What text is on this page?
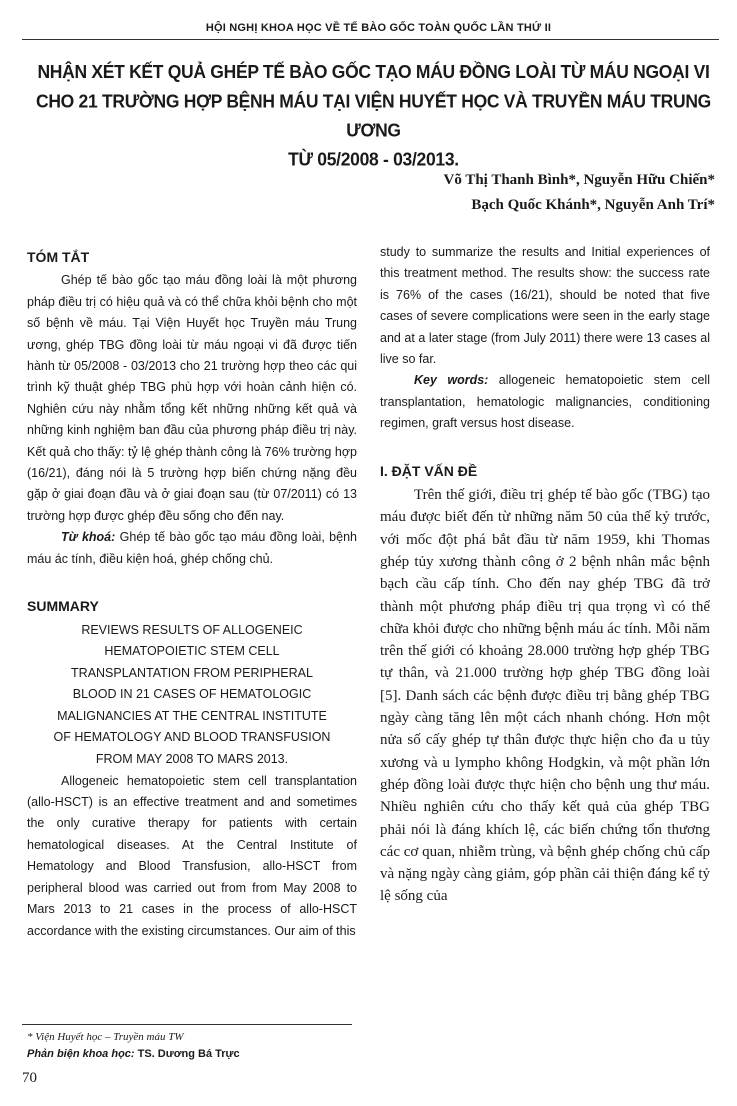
HỘI NGHỊ KHOA HỌC VỀ TẾ BÀO GỐC TOÀN QUỐC LẦN THỨ II
NHẬN XÉT KẾT QUẢ GHÉP TẾ BÀO GỐC TẠO MÁU ĐỒNG LOÀI TỪ MÁU NGOẠI VI
CHO 21 TRƯỜNG HỢP BỆNH MÁU TẠI VIỆN HUYẾT HỌC VÀ TRUYỀN MÁU TRUNG ƯƠNG
TỪ 05/2008 - 03/2013.
Võ Thị Thanh Bình*, Nguyễn Hữu Chiến*
Bạch Quốc Khánh*, Nguyễn Anh Trí*
TÓM TẮT

Ghép tế bào gốc tạo máu đồng loài là một phương pháp điều trị có hiệu quả và có thể chữa khỏi bệnh cho một số bệnh về máu. Tại Viện Huyết học Truyền máu Trung ương, ghép TBG đồng loài từ máu ngoại vi đã được tiến hành từ 05/2008 - 03/2013 cho 21 trường hợp theo các qui trình kỹ thuật ghép TBG phù hợp với hoàn cảnh hiện có. Nghiên cứu này nhằm tổng kết những những kết quả và những kinh nghiệm ban đầu của phương pháp điều trị này. Kết quả cho thấy: tỷ lệ ghép thành công là 76% trường hợp (16/21), đáng nói là 5 trường hợp biến chứng nặng đều gặp ở giai đoạn đầu và ở giai đoạn sau (từ 07/2011) có 13 trường hợp được ghép đều sống cho đến nay.

Từ khoá: Ghép tế bào gốc tạo máu đồng loài, bệnh máu ác tính, điều kiện hoá, ghép chống chủ.

SUMMARY
REVIEWS RESULTS OF ALLOGENEIC
HEMATOPOIETIC STEM CELL
TRANSPLANTATION FROM PERIPHERAL
BLOOD IN 21 CASES OF HEMATOLOGIC
MALIGNANCIES AT THE CENTRAL INSTITUTE
OF HEMATOLOGY AND BLOOD TRANSFUSION
FROM MAY 2008 TO MARS 2013.

Allogeneic hematopoietic stem cell transplantation (allo-HSCT) is an effective treatment and and sometimes the only curative therapy for patients with certain hematological diseases. At the Central Institute of Hematology and Blood Transfusion, allo-HSCT from peripheral blood was carried out from from May 2008 to Mars 2013 to 21 cases in the process of allo-HSCT accordance with the existing circumstances. Our aim of this

study to summarize the results and Initial experiences of this treatment method. The results show: the success rate is 76% of the cases (16/21), should be noted that five cases of severe complications were seen in the early stage and at a later stage (from July 2011) there were 13 cases al live so far.

Key words: allogeneic hematopoietic stem cell transplantation, hematologic malignancies, conditioning regimen, graft versus host disease.

I. ĐẶT VẤN ĐỀ

Trên thế giới, điều trị ghép tế bào gốc (TBG) tạo máu được biết đến từ những năm 50 của thế kỷ trước, với mốc đột phá bắt đầu từ năm 1959, khi Thomas ghép tủy xương thành công ở 2 bệnh nhân mắc bệnh bạch cầu cấp tính. Cho đến nay ghép TBG đã trở thành một phương pháp điều trị qua trọng vì có thể chữa khỏi được cho những bệnh máu ác tính. Mỗi năm trên thế giới có khoảng 28.000 trường hợp ghép TBG tự thân, và 21.000 trường hợp ghép TBG đồng loài [5]. Danh sách các bệnh được điều trị bằng ghép TBG ngày càng tăng lên một cách nhanh chóng. Hơn một nửa số cấy ghép tự thân được thực hiện cho đa u tủy xương và u lympho không Hodgkin, và một phần lớn ghép đồng loài được thực hiện cho bệnh ung thư máu. Nhiều nghiên cứu cho thấy kết quả của ghép TBG phải nói là đáng khích lệ, các biến chứng tổn thương các cơ quan, nhiễm trùng, và bệnh ghép chống chủ cấp và nặng ngày càng giảm, góp phần cải thiện đáng kể tỷ lệ sống của

* Viện Huyết học – Truyền máu TW
Phản biện khoa học: TS. Dương Bá Trực
70
